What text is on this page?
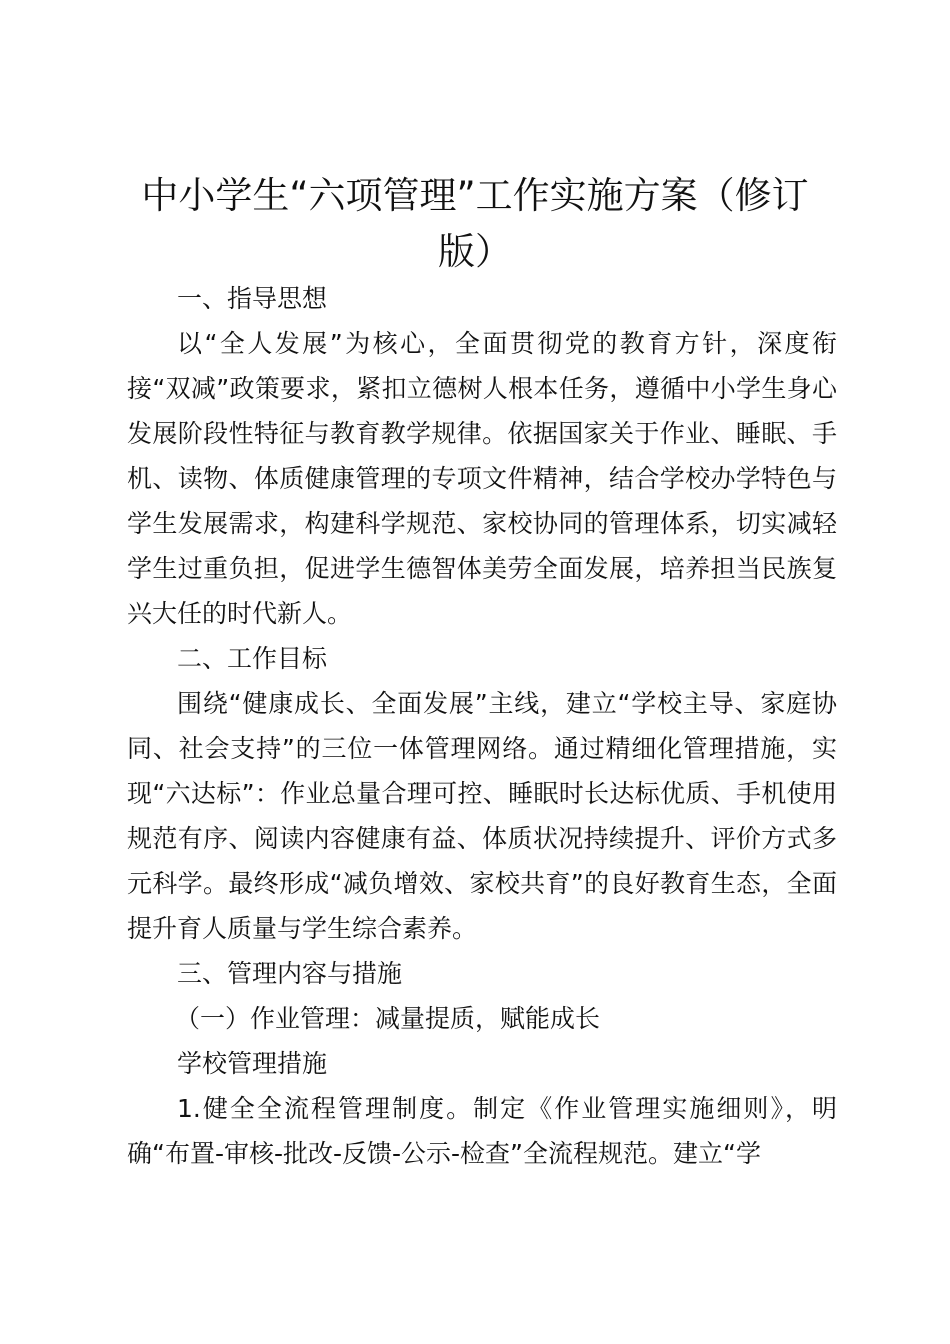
中小学生“六项管理”工作实施方案（修订版）

一、指导思想

以“全人发展”为核心，全面贯彻党的教育方针，深度衔接“双减”政策要求，紧扣立德树人根本任务，遵循中小学生身心发展阶段性特征与教育教学规律。依据国家关于作业、睡眠、手机、读物、体质健康管理的专项文件精神，结合学校办学特色与学生发展需求，构建科学规范、家校协同的管理体系，切实减轻学生过重负担，促进学生德智体美劳全面发展，培养担当民族复兴大任的时代新人。

二、工作目标

围绕“健康成长、全面发展”主线，建立“学校主导、家庭协同、社会支持”的三位一体管理网络。通过精细化管理措施，实现“六达标”：作业总量合理可控、睡眠时长达标优质、手机使用规范有序、阅读内容健康有益、体质状况持续提升、评价方式多元科学。最终形成“减负增效、家校共育”的良好教育生态，全面提升育人质量与学生综合素养。

三、管理内容与措施

（一）作业管理：减量提质，赋能成长

学校管理措施

1.健全全流程管理制度。制定《作业管理实施细则》，明确“布置-审核-批改-反馈-公示-检查”全流程规范。建立“学
